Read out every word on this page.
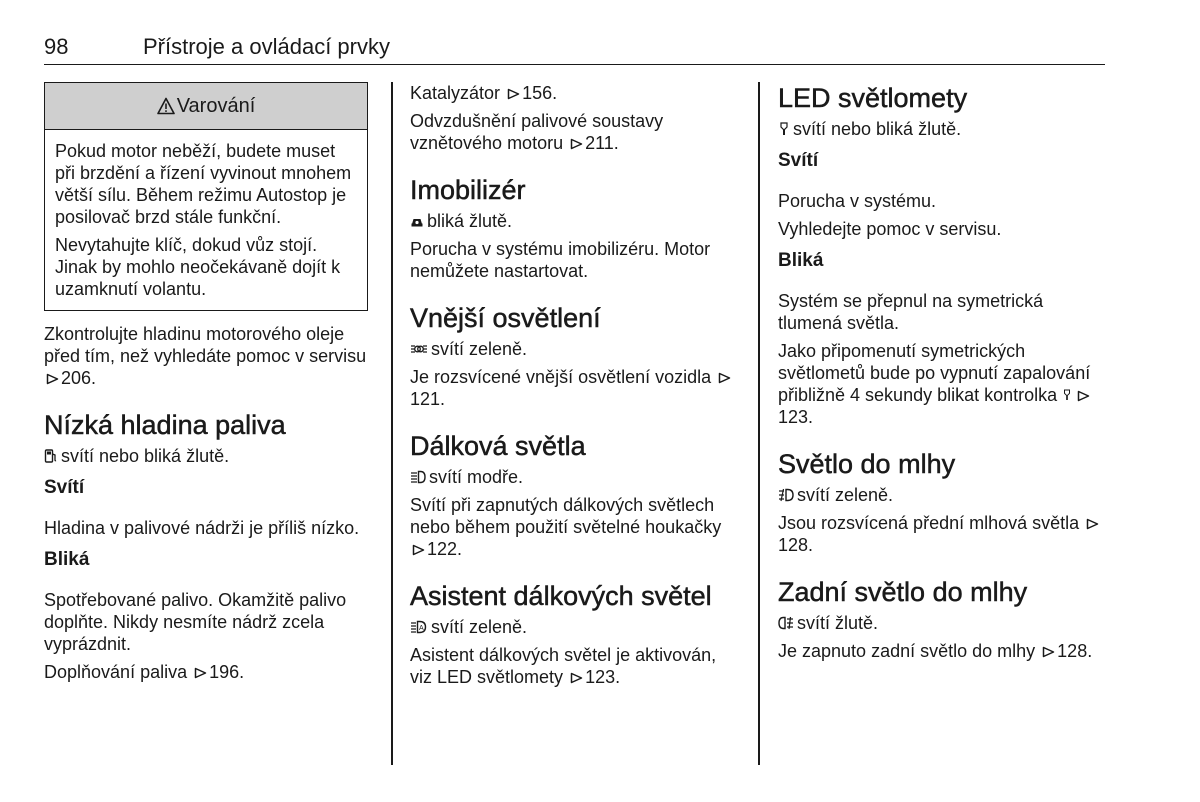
98	Přístroje a ovládací prvky
Varování

Pokud motor neběží, budete muset při brzdění a řízení vyvinout mnohem větší sílu. Během režimu Autostop je posilovač brzd stále funkční.

Nevytahujte klíč, dokud vůz stojí. Jinak by mohlo neočekávaně dojít k uzamknutí volantu.

Zkontrolujte hladinu motorového oleje před tím, než vyhledáte pomoc v servisu 206.

Nízká hladina paliva

svítí nebo bliká žlutě.

Svítí

Hladina v palivové nádrži je příliš nízko.

Bliká

Spotřebované palivo. Okamžitě palivo doplňte. Nikdy nesmíte nádrž zcela vyprázdnit.

Doplňování paliva 196.

Katalyzátor 156.

Odvzdušnění palivové soustavy vznětového motoru 211.

Imobilizér

bliká žlutě.

Porucha v systému imobilizéru. Motor nemůžete nastartovat.

Vnější osvětlení

svítí zeleně.

Je rozsvícené vnější osvětlení vozidla 121.

Dálková světla

svítí modře.

Svítí při zapnutých dálkových světlech nebo během použití světelné houkačky 122.

Asistent dálkových světel

A svítí zeleně.

Asistent dálkových světel je aktivován, viz LED světlomety 123.

LED světlomety

svítí nebo bliká žlutě.

Svítí

Porucha v systému.

Vyhledejte pomoc v servisu.

Bliká

Systém se přepnul na symetrická tlumená světla.

Jako připomenutí symetrických světlometů bude po vypnutí zapalování přibližně 4 sekundy blikat kontrolka 123.

Světlo do mlhy

svítí zeleně.

Jsou rozsvícená přední mlhová světla 128.

Zadní světlo do mlhy

svítí žlutě.

Je zapnuto zadní světlo do mlhy 128.
